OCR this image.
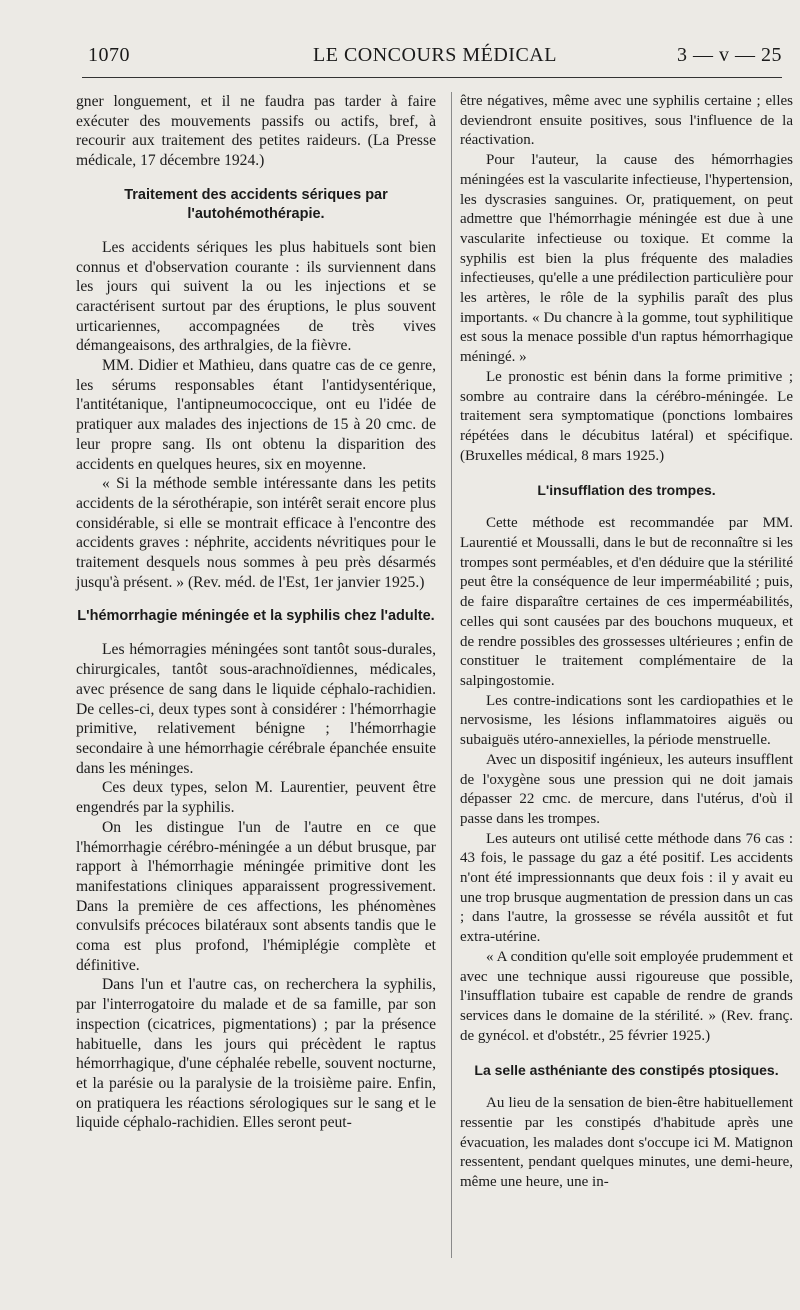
1070	LE CONCOURS MÉDICAL	3 — v — 25

gner longuement, et il ne faudra pas tarder à faire exécuter des mouvements passifs ou actifs, bref, à recourir aux traitement des petites raideurs. (La Presse médicale, 17 décembre 1924.)

Traitement des accidents sériques par l'autohémothérapie.

Les accidents sériques les plus habituels sont bien connus et d'observation courante : ils surviennent dans les jours qui suivent la ou les injections et se caractérisent surtout par des éruptions, le plus souvent urticariennes, accompagnées de très vives démangeaisons, des arthralgies, de la fièvre.

MM. Didier et Mathieu, dans quatre cas de ce genre, les sérums responsables étant l'antidysentérique, l'antitétanique, l'antipneumococcique, ont eu l'idée de pratiquer aux malades des injections de 15 à 20 cmc. de leur propre sang. Ils ont obtenu la disparition des accidents en quelques heures, six en moyenne.

« Si la méthode semble intéressante dans les petits accidents de la sérothérapie, son intérêt serait encore plus considérable, si elle se montrait efficace à l'encontre des accidents graves : néphrite, accidents névritiques pour le traitement desquels nous sommes à peu près désarmés jusqu'à présent. » (Rev. méd. de l'Est, 1er janvier 1925.)

L'hémorrhagie méningée et la syphilis chez l'adulte.

Les hémorragies méningées sont tantôt sous-durales, chirurgicales, tantôt sous-arachnoïdiennes, médicales, avec présence de sang dans le liquide céphalo-rachidien. De celles-ci, deux types sont à considérer : l'hémorrhagie primitive, relativement bénigne ; l'hémorrhagie secondaire à une hémorrhagie cérébrale épanchée ensuite dans les méninges.

Ces deux types, selon M. Laurentier, peuvent être engendrés par la syphilis.

On les distingue l'un de l'autre en ce que l'hémorrhagie cérébro-méningée a un début brusque, par rapport à l'hémorrhagie méningée primitive dont les manifestations cliniques apparaissent progressivement. Dans la première de ces affections, les phénomènes convulsifs précoces bilatéraux sont absents tandis que le coma est plus profond, l'hémiplégie complète et définitive.

Dans l'un et l'autre cas, on recherchera la syphilis, par l'interrogatoire du malade et de sa famille, par son inspection (cicatrices, pigmentations) ; par la présence habituelle, dans les jours qui précèdent le raptus hémorrhagique, d'une céphalée rebelle, souvent nocturne, et la parésie ou la paralysie de la troisième paire. Enfin, on pratiquera les réactions sérologiques sur le sang et le liquide céphalo-rachidien. Elles seront peut-

être négatives, même avec une syphilis certaine ; elles deviendront ensuite positives, sous l'influence de la réactivation.

Pour l'auteur, la cause des hémorrhagies méningées est la vascularite infectieuse, l'hypertension, les dyscrasies sanguines. Or, pratiquement, on peut admettre que l'hémorrhagie méningée est due à une vascularite infectieuse ou toxique. Et comme la syphilis est bien la plus fréquente des maladies infectieuses, qu'elle a une prédilection particulière pour les artères, le rôle de la syphilis paraît des plus importants. « Du chancre à la gomme, tout syphilitique est sous la menace possible d'un raptus hémorrhagique méningé. »

Le pronostic est bénin dans la forme primitive ; sombre au contraire dans la cérébro-méningée. Le traitement sera symptomatique (ponctions lombaires répétées dans le décubitus latéral) et spécifique. (Bruxelles médical, 8 mars 1925.)

L'insufflation des trompes.

Cette méthode est recommandée par MM. Laurentié et Moussalli, dans le but de reconnaître si les trompes sont perméables, et d'en déduire que la stérilité peut être la conséquence de leur imperméabilité ; puis, de faire disparaître certaines de ces imperméabilités, celles qui sont causées par des bouchons muqueux, et de rendre possibles des grossesses ultérieures ; enfin de constituer le traitement complémentaire de la salpingostomie.

Les contre-indications sont les cardiopathies et le nervosisme, les lésions inflammatoires aiguës ou subaiguës utéro-annexielles, la période menstruelle.

Avec un dispositif ingénieux, les auteurs insufflent de l'oxygène sous une pression qui ne doit jamais dépasser 22 cmc. de mercure, dans l'utérus, d'où il passe dans les trompes.

Les auteurs ont utilisé cette méthode dans 76 cas : 43 fois, le passage du gaz a été positif. Les accidents n'ont été impressionnants que deux fois : il y avait eu une trop brusque augmentation de pression dans un cas ; dans l'autre, la grossesse se révéla aussitôt et fut extra-utérine.

« A condition qu'elle soit employée prudemment et avec une technique aussi rigoureuse que possible, l'insufflation tubaire est capable de rendre de grands services dans le domaine de la stérilité. » (Rev. franç. de gynécol. et d'obstétr., 25 février 1925.)

La selle asthéniante des constipés ptosiques.

Au lieu de la sensation de bien-être habituellement ressentie par les constipés d'habitude après une évacuation, les malades dont s'occupe ici M. Matignon ressentent, pendant quelques minutes, une demi-heure, même une heure, une in-
